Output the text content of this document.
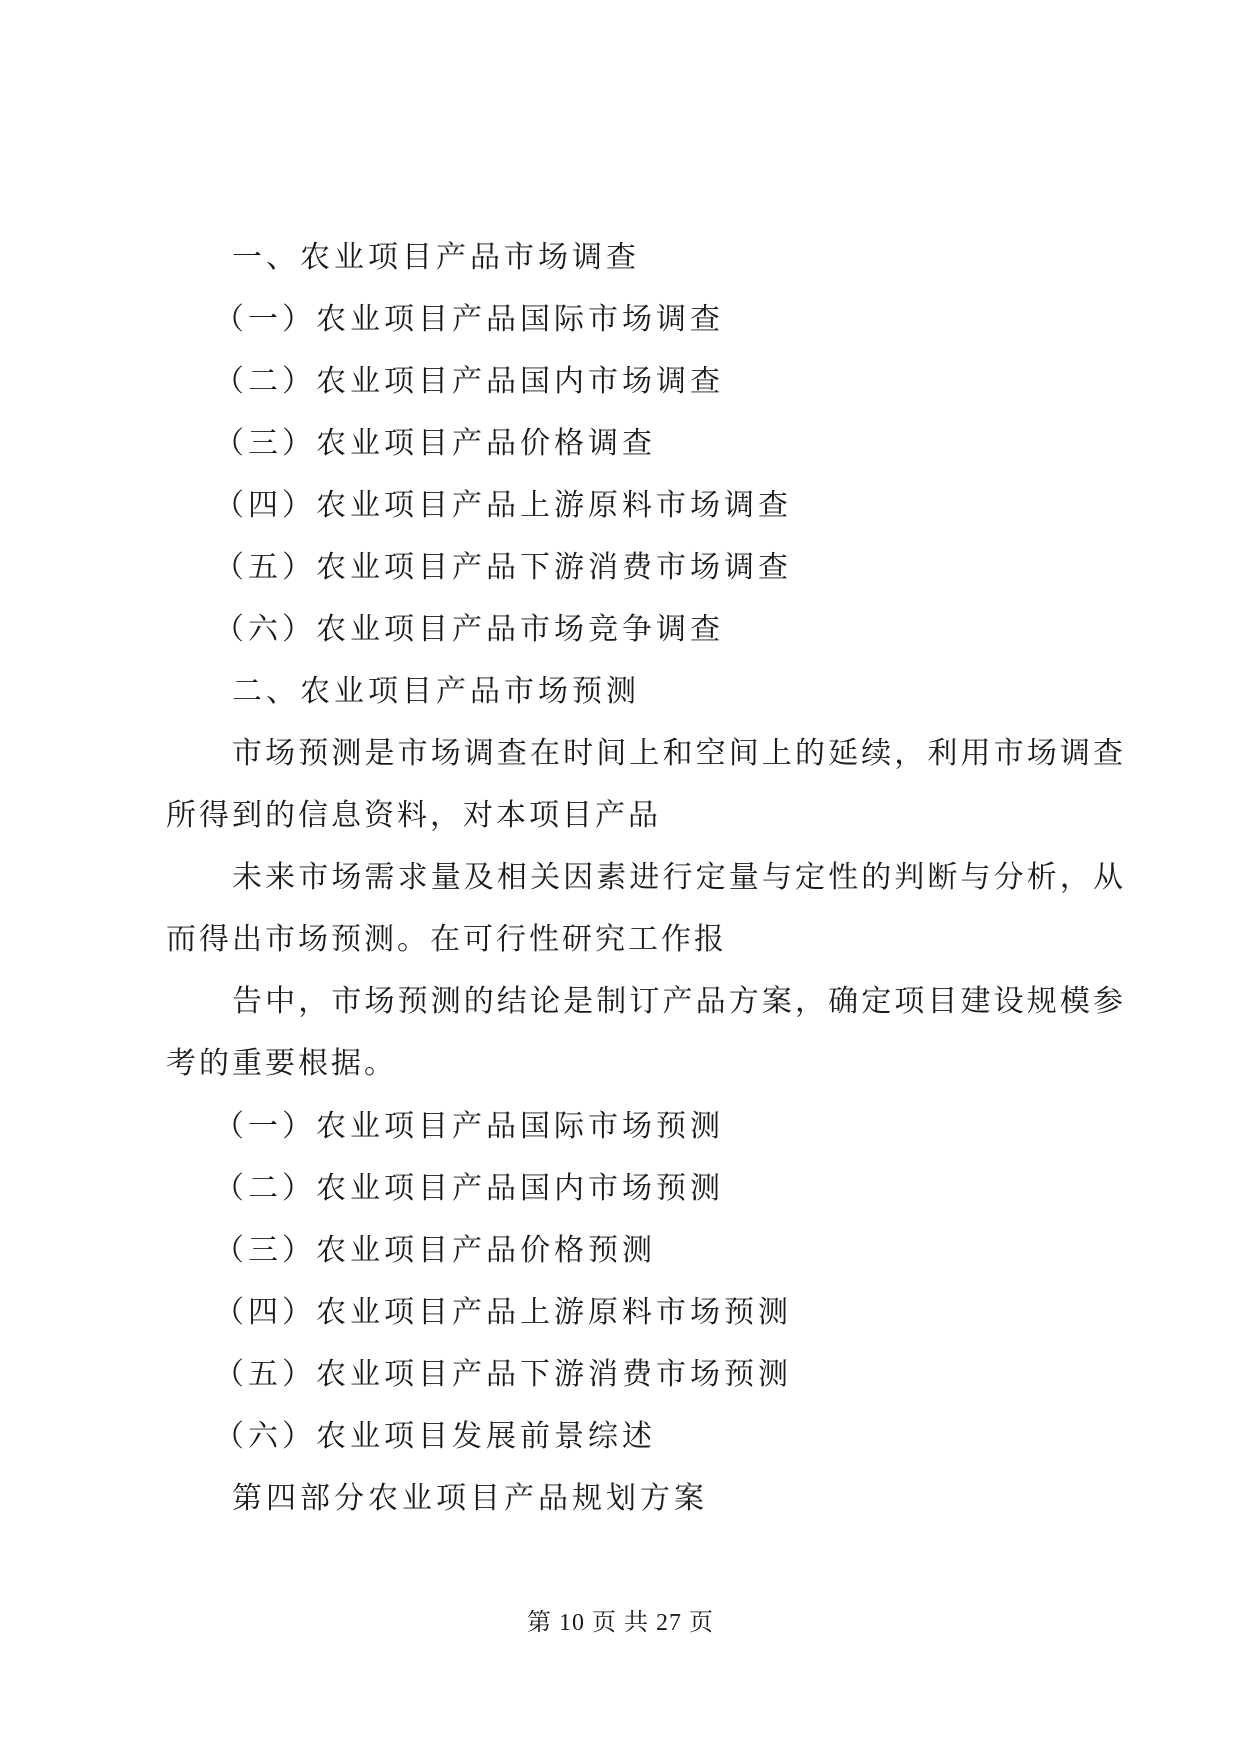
一、农业项目产品市场调查
（一）农业项目产品国际市场调查
（二）农业项目产品国内市场调查
（三）农业项目产品价格调查
（四）农业项目产品上游原料市场调查
（五）农业项目产品下游消费市场调查
（六）农业项目产品市场竞争调查
二、农业项目产品市场预测
市场预测是市场调查在时间上和空间上的延续，利用市场调查所得到的信息资料，对本项目产品
未来市场需求量及相关因素进行定量与定性的判断与分析，从而得出市场预测。在可行性研究工作报
告中，市场预测的结论是制订产品方案，确定项目建设规模参考的重要根据。
（一）农业项目产品国际市场预测
（二）农业项目产品国内市场预测
（三）农业项目产品价格预测
（四）农业项目产品上游原料市场预测
（五）农业项目产品下游消费市场预测
（六）农业项目发展前景综述
第四部分农业项目产品规划方案
第 10 页 共 27 页
